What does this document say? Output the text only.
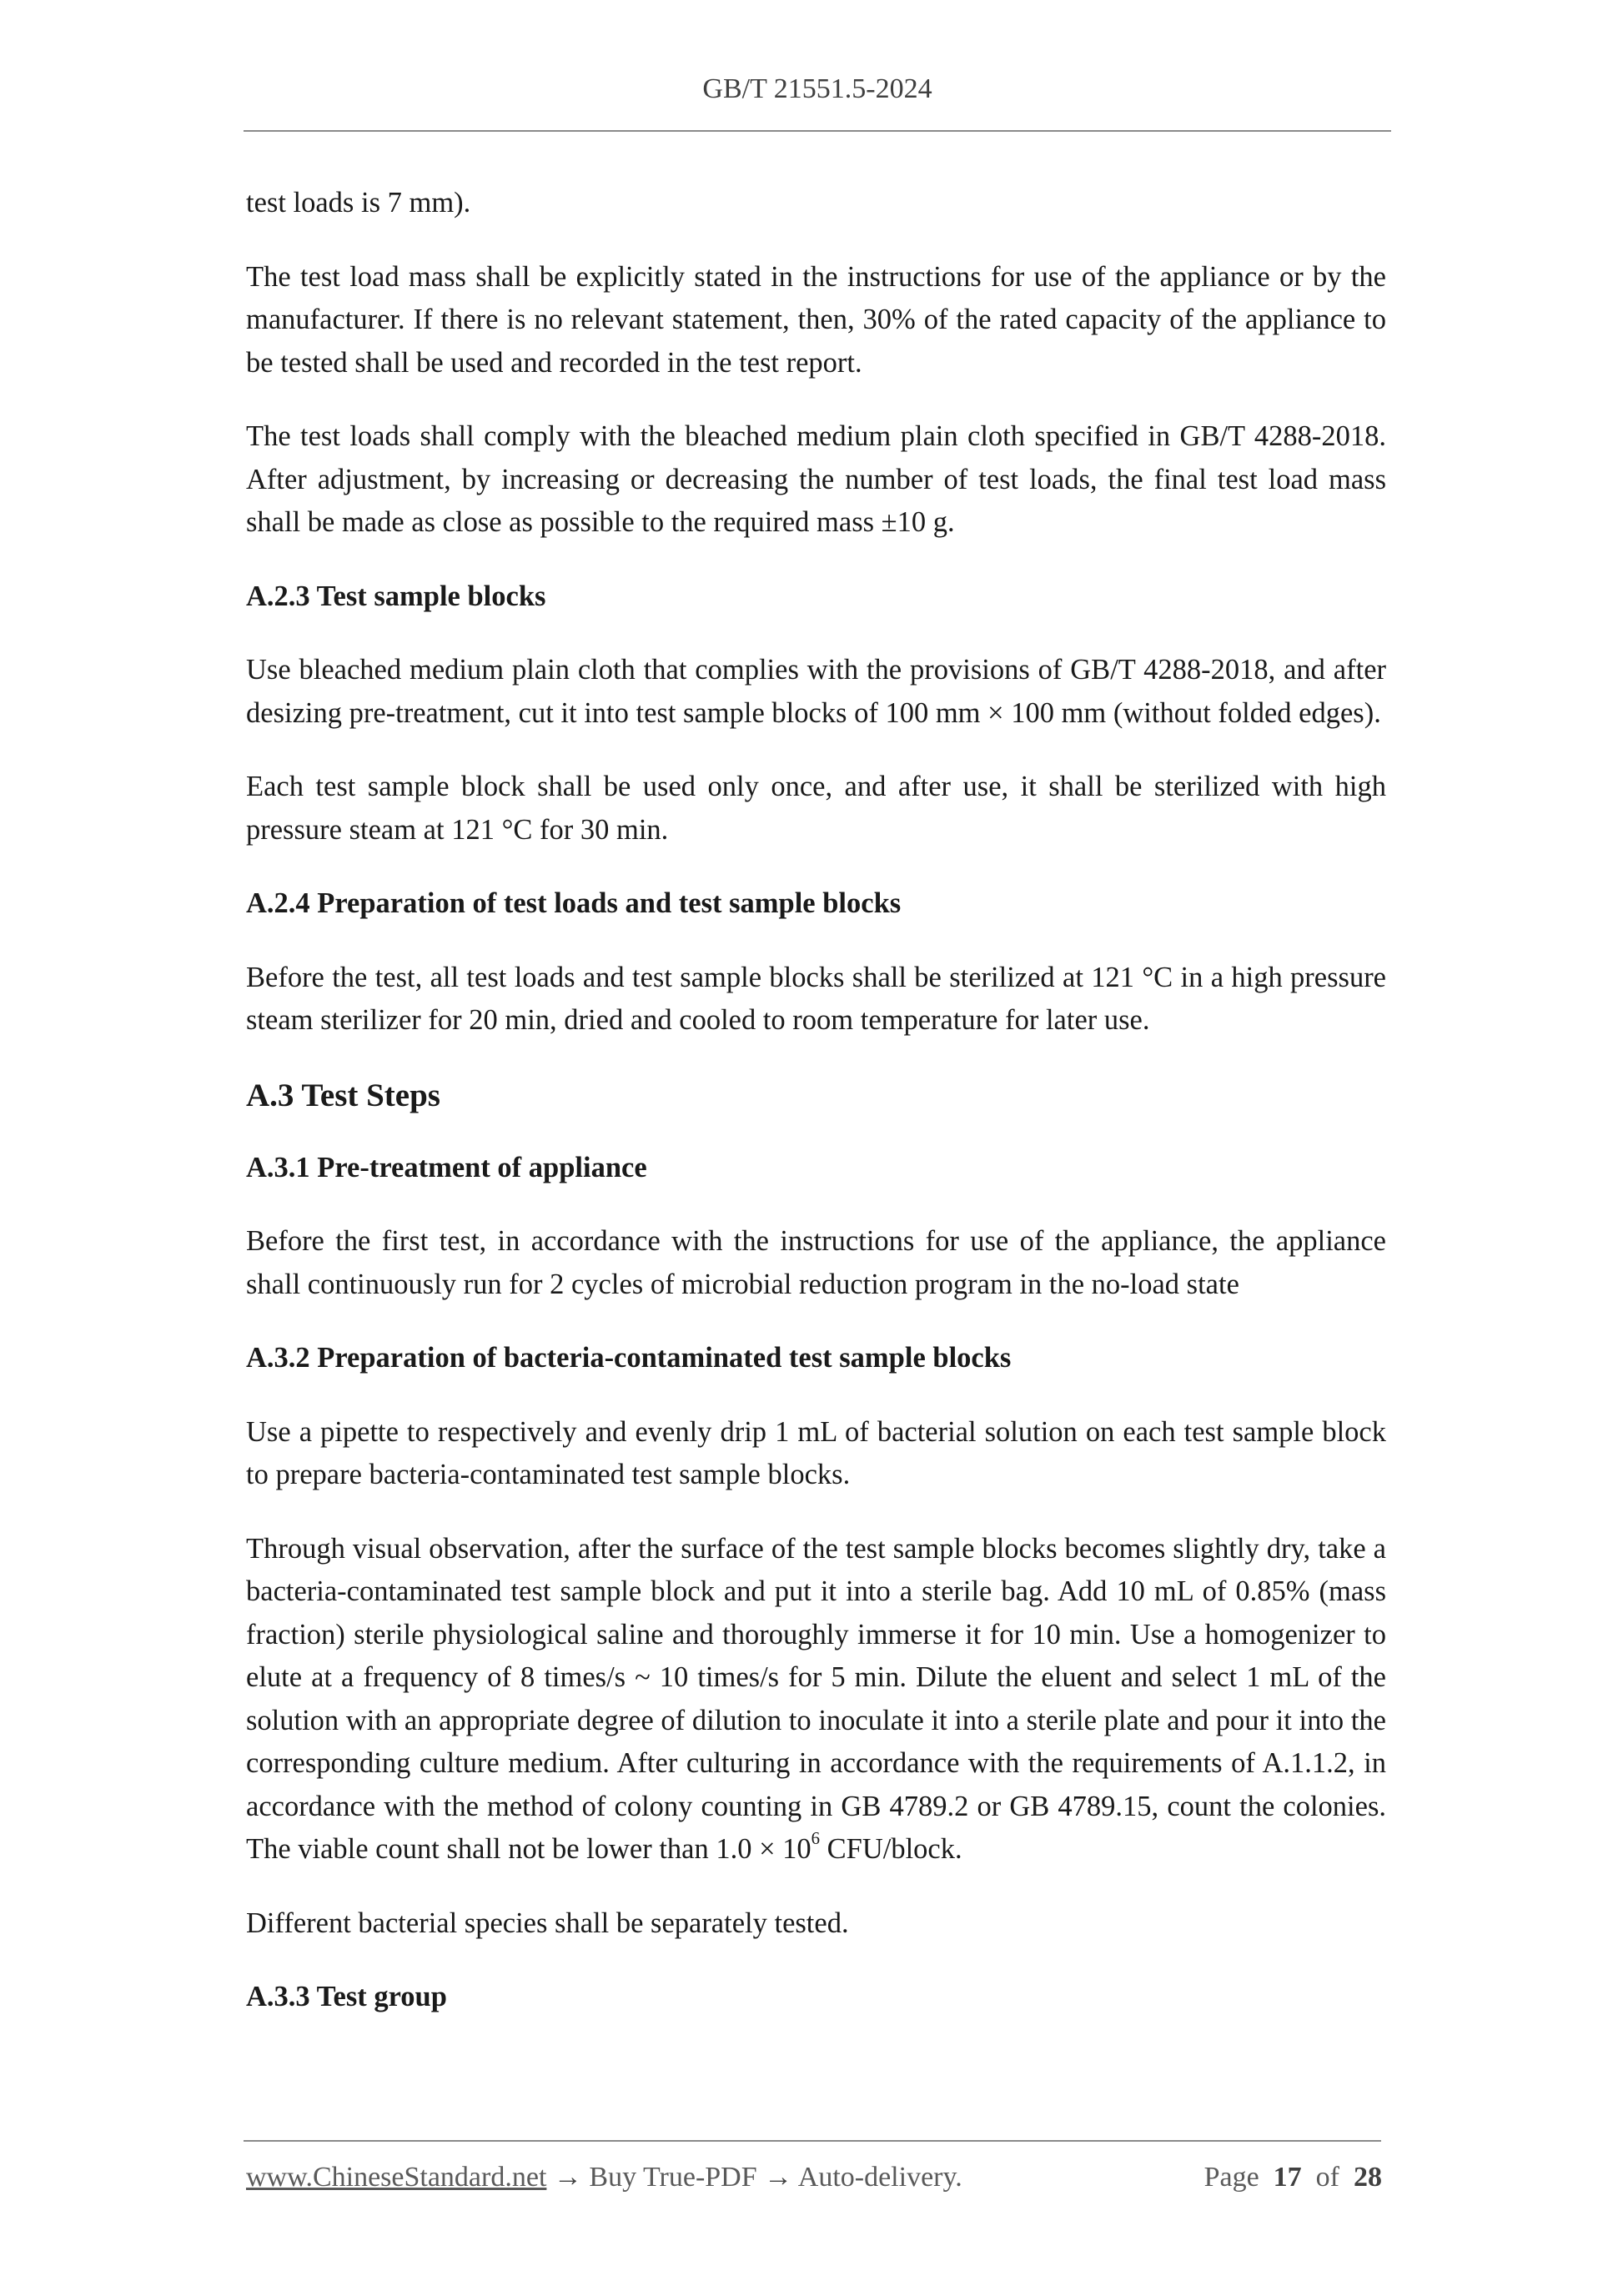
GB/T 21551.5-2024

test loads is 7 mm).

The test load mass shall be explicitly stated in the instructions for use of the appliance or by the manufacturer. If there is no relevant statement, then, 30% of the rated capacity of the appliance to be tested shall be used and recorded in the test report.

The test loads shall comply with the bleached medium plain cloth specified in GB/T 4288-2018. After adjustment, by increasing or decreasing the number of test loads, the final test load mass shall be made as close as possible to the required mass ±10 g.

A.2.3 Test sample blocks

Use bleached medium plain cloth that complies with the provisions of GB/T 4288-2018, and after desizing pre-treatment, cut it into test sample blocks of 100 mm × 100 mm (without folded edges).

Each test sample block shall be used only once, and after use, it shall be sterilized with high pressure steam at 121 °C for 30 min.

A.2.4 Preparation of test loads and test sample blocks

Before the test, all test loads and test sample blocks shall be sterilized at 121 °C in a high pressure steam sterilizer for 20 min, dried and cooled to room temperature for later use.

A.3 Test Steps
A.3.1 Pre-treatment of appliance

Before the first test, in accordance with the instructions for use of the appliance, the appliance shall continuously run for 2 cycles of microbial reduction program in the no-load state

A.3.2 Preparation of bacteria-contaminated test sample blocks

Use a pipette to respectively and evenly drip 1 mL of bacterial solution on each test sample block to prepare bacteria-contaminated test sample blocks.

Through visual observation, after the surface of the test sample blocks becomes slightly dry, take a bacteria-contaminated test sample block and put it into a sterile bag. Add 10 mL of 0.85% (mass fraction) sterile physiological saline and thoroughly immerse it for 10 min. Use a homogenizer to elute at a frequency of 8 times/s ~ 10 times/s for 5 min. Dilute the eluent and select 1 mL of the solution with an appropriate degree of dilution to inoculate it into a sterile plate and pour it into the corresponding culture medium. After culturing in accordance with the requirements of A.1.1.2, in accordance with the method of colony counting in GB 4789.2 or GB 4789.15, count the colonies. The viable count shall not be lower than $1.0 \times 10^6$ CFU/block.

Different bacterial species shall be separately tested.

A.3.3 Test group
www.ChineseStandard.net → Buy True-PDF → Auto-delivery.	Page 17 of 28
